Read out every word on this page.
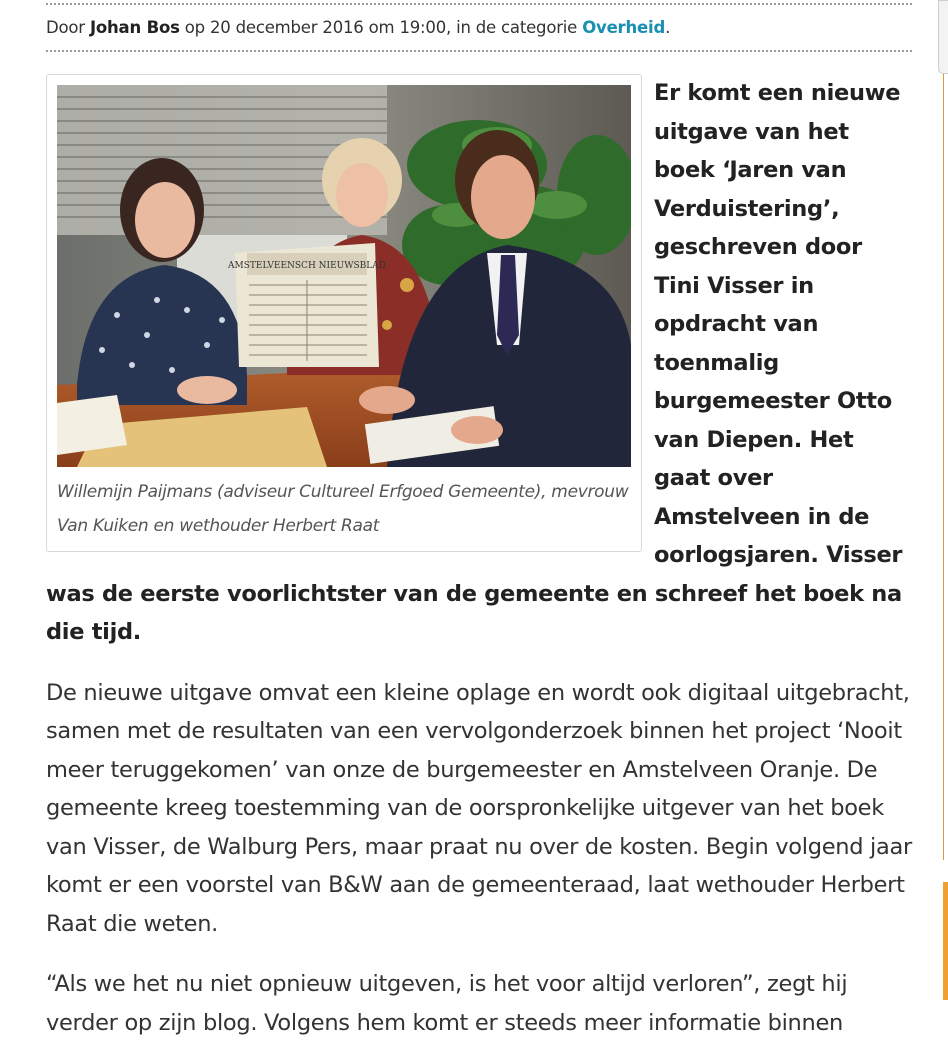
Door Johan Bos op 20 december 2016 om 19:00, in de categorie Overheid.
AMSTELVEENSCH NIEUWSBLAD
Willemijn Paijmans (adviseur Cultureel Erfgoed Gemeente), mevrouw Van Kuiken en wethouder Herbert Raat

Er komt een nieuwe uitgave van het boek ‘Jaren van Verduistering’, geschreven door Tini Visser in opdracht van toenmalig burgemeester Otto van Diepen. Het gaat over Amstelveen in de oorlogsjaren. Visser was de eerste voorlichtster van de gemeente en schreef het boek na die tijd.

De nieuwe uitgave omvat een kleine oplage en wordt ook digitaal uitgebracht, samen met de resultaten van een vervolgonderzoek binnen het project ‘Nooit meer teruggekomen’ van onze de burgemeester en Amstelveen Oranje. De gemeente kreeg toestemming van de oorspronkelijke uitgever van het boek van Visser, de Walburg Pers, maar praat nu over de kosten. Begin volgend jaar komt er een voorstel van B&W aan de gemeenteraad, laat wethouder Herbert Raat die weten.

“Als we het nu niet opnieuw uitgeven, is het voor altijd verloren”, zegt hij verder op zijn blog. Volgens hem komt er steeds meer informatie binnen
